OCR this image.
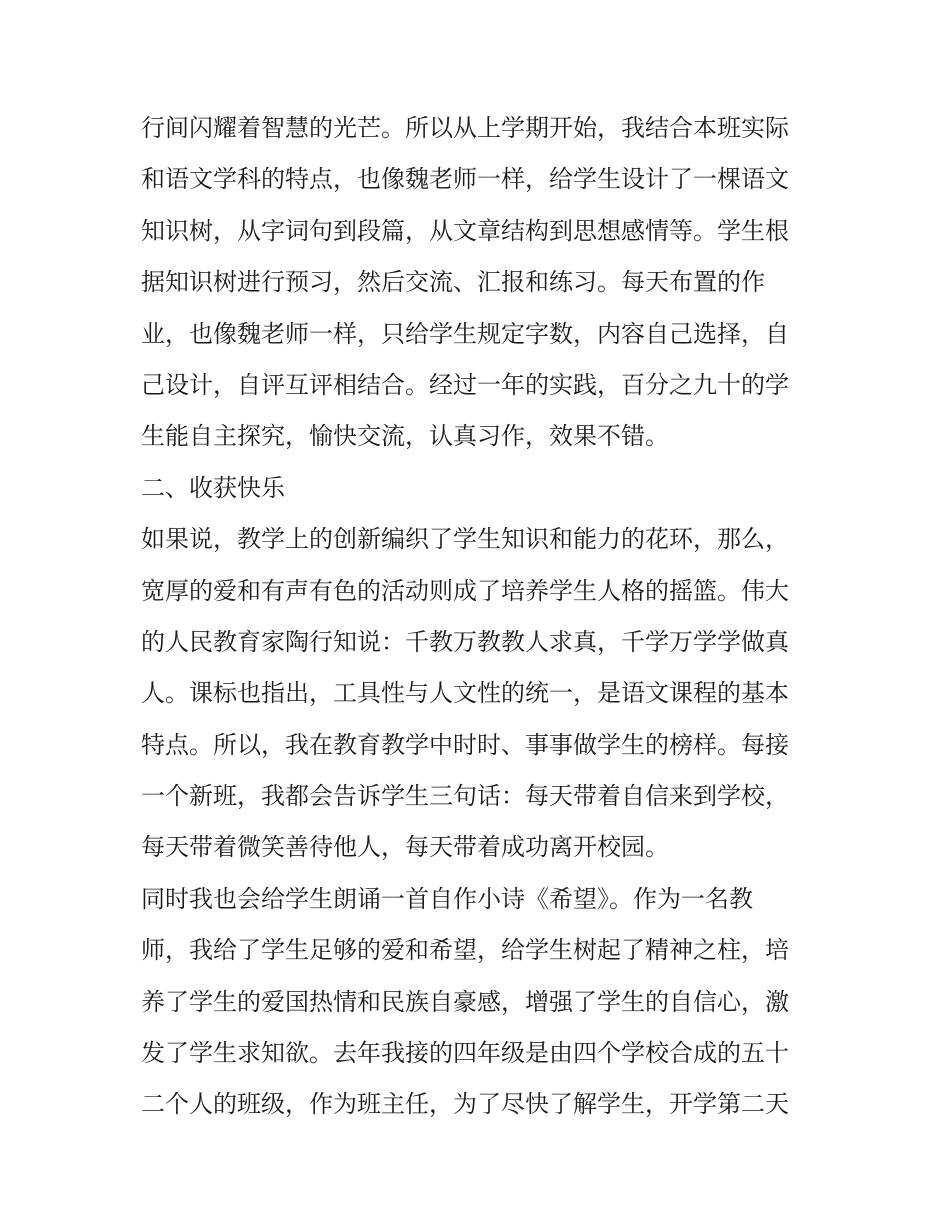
行间闪耀着智慧的光芒。所以从上学期开始，我结合本班实际
和语文学科的特点，也像魏老师一样，给学生设计了一棵语文
知识树，从字词句到段篇，从文章结构到思想感情等。学生根
据知识树进行预习，然后交流、汇报和练习。每天布置的作
业，也像魏老师一样，只给学生规定字数，内容自己选择，自
己设计，自评互评相结合。经过一年的实践，百分之九十的学
生能自主探究，愉快交流，认真习作，效果不错。
二、收获快乐
如果说，教学上的创新编织了学生知识和能力的花环，那么，
宽厚的爱和有声有色的活动则成了培养学生人格的摇篮。伟大
的人民教育家陶行知说：千教万教教人求真，千学万学学做真
人。课标也指出，工具性与人文性的统一，是语文课程的基本
特点。所以，我在教育教学中时时、事事做学生的榜样。每接
一个新班，我都会告诉学生三句话：每天带着自信来到学校，
每天带着微笑善待他人，每天带着成功离开校园。
同时我也会给学生朗诵一首自作小诗《希望》。作为一名教
师，我给了学生足够的爱和希望，给学生树起了精神之柱，培
养了学生的爱国热情和民族自豪感，增强了学生的自信心，激
发了学生求知欲。去年我接的四年级是由四个学校合成的五十
二个人的班级，作为班主任，为了尽快了解学生，开学第二天
